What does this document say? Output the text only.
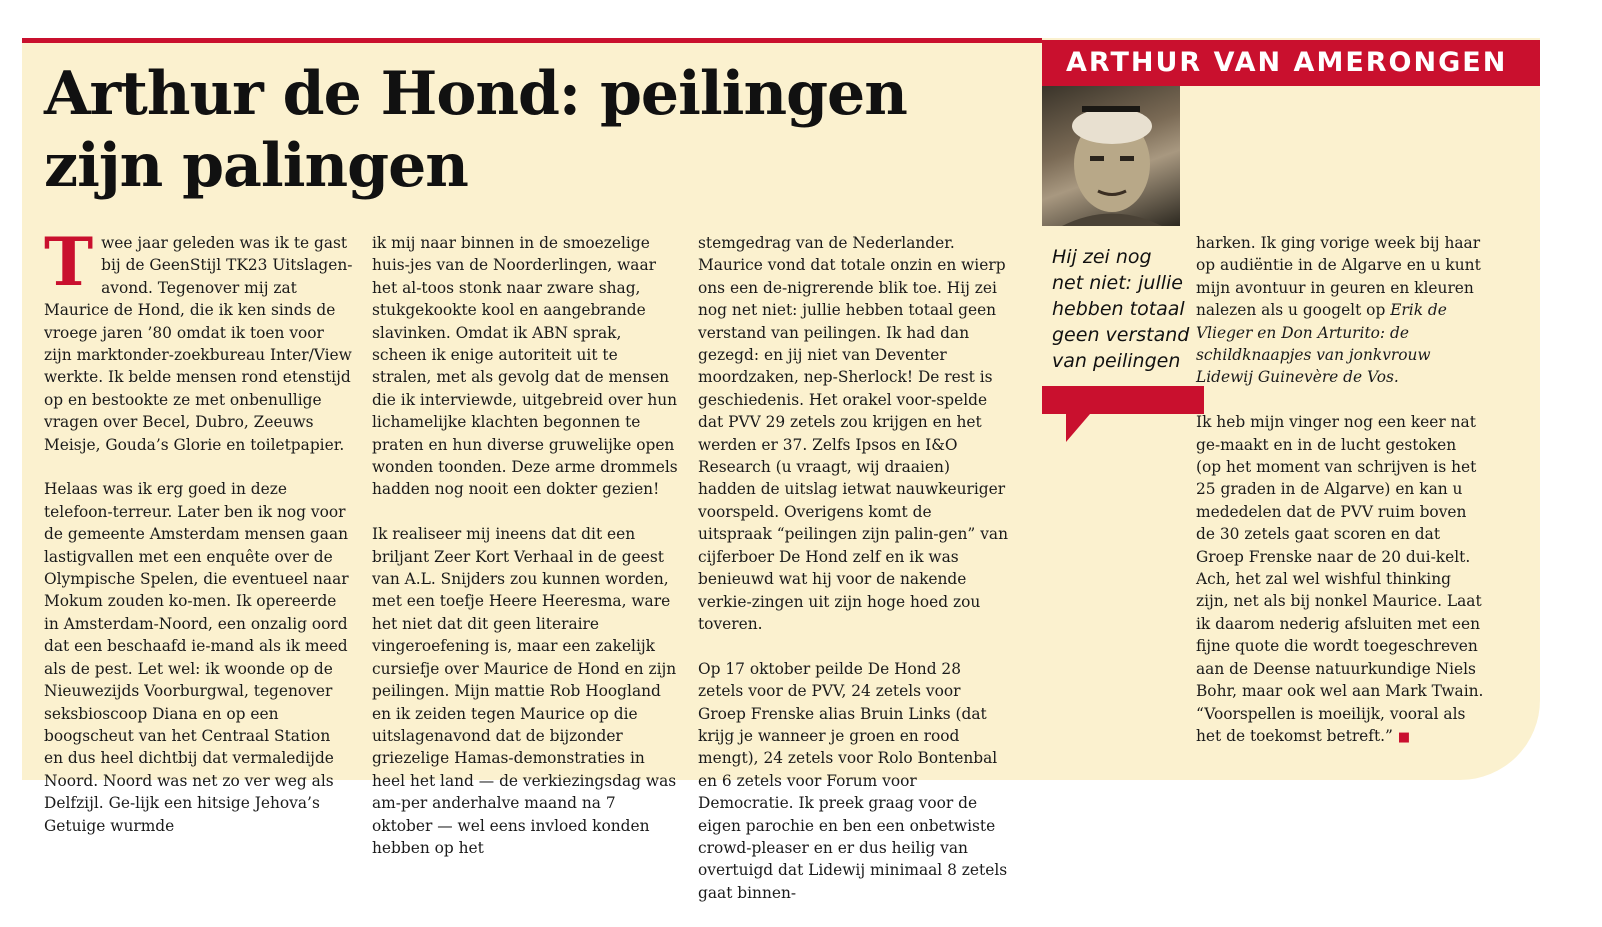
ARTHUR VAN AMERONGEN
Arthur de Hond: peilingen
zijn palingen

Twee jaar geleden was ik te gast bij de GeenStijl TK23 Uitslagen-avond. Tegenover mij zat Maurice de Hond, die ik ken sinds de vroege jaren ’80 omdat ik toen voor zijn marktonder-zoekbureau Inter/View werkte. Ik belde mensen rond etenstijd op en bestookte ze met onbenullige vragen over Becel, Dubro, Zeeuws Meisje, Gouda’s Glorie en toiletpapier.

Helaas was ik erg goed in deze telefoon-terreur. Later ben ik nog voor de gemeente Amsterdam mensen gaan lastigvallen met een enquête over de Olympische Spelen, die eventueel naar Mokum zouden ko-men. Ik opereerde in Amsterdam-Noord, een onzalig oord dat een beschaafd ie-mand als ik meed als de pest. Let wel: ik woonde op de Nieuwezijds Voorburgwal, tegenover seksbioscoop Diana en op een boogscheut van het Centraal Station en dus heel dichtbij dat vermaledijde Noord. Noord was net zo ver weg als Delfzijl. Ge-lijk een hitsige Jehova’s Getuige wurmde

ik mij naar binnen in de smoezelige huis-jes van de Noorderlingen, waar het al-toos stonk naar zware shag, stukgekookte kool en aangebrande slavinken. Omdat ik ABN sprak, scheen ik enige autoriteit uit te stralen, met als gevolg dat de mensen die ik interviewde, uitgebreid over hun lichamelijke klachten begonnen te praten en hun diverse gruwelijke open wonden toonden. Deze arme drommels hadden nog nooit een dokter gezien!

Ik realiseer mij ineens dat dit een briljant Zeer Kort Verhaal in de geest van A.L. Snijders zou kunnen worden, met een toefje Heere Heeresma, ware het niet dat dit geen literaire vingeroefening is, maar een zakelijk cursiefje over Maurice de Hond en zijn peilingen. Mijn mattie Rob Hoogland en ik zeiden tegen Maurice op die uitslagenavond dat de bijzonder griezelige Hamas-demonstraties in heel het land — de verkiezingsdag was am-per anderhalve maand na 7 oktober — wel eens invloed konden hebben op het

stemgedrag van de Nederlander. Maurice vond dat totale onzin en wierp ons een de-nigrerende blik toe. Hij zei nog net niet: jullie hebben totaal geen verstand van peilingen. Ik had dan gezegd: en jij niet van Deventer moordzaken, nep-Sherlock! De rest is geschiedenis. Het orakel voor-spelde dat PVV 29 zetels zou krijgen en het werden er 37. Zelfs Ipsos en I&O Research (u vraagt, wij draaien) hadden de uitslag ietwat nauwkeuriger voorspeld. Overigens komt de uitspraak “peilingen zijn palin-gen” van cijferboer De Hond zelf en ik was benieuwd wat hij voor de nakende verkie-zingen uit zijn hoge hoed zou toveren.

Op 17 oktober peilde De Hond 28 zetels voor de PVV, 24 zetels voor Groep Frenske alias Bruin Links (dat krijg je wanneer je groen en rood mengt), 24 zetels voor Rolo Bontenbal en 6 zetels voor Forum voor Democratie. Ik preek graag voor de eigen parochie en ben een onbetwiste crowd-pleaser en er dus heilig van overtuigd dat Lidewij minimaal 8 zetels gaat binnen-

Hij zei nog
net niet: jullie
hebben totaal
geen verstand
van peilingen

harken. Ik ging vorige week bij haar op audiëntie in de Algarve en u kunt mijn avontuur in geuren en kleuren nalezen als u googelt op Erik de Vlieger en Don Arturito: de schildknaapjes van jonkvrouw Lidewij Guinevère de Vos.

Ik heb mijn vinger nog een keer nat ge-maakt en in de lucht gestoken (op het moment van schrijven is het 25 graden in de Algarve) en kan u mededelen dat de PVV ruim boven de 30 zetels gaat scoren en dat Groep Frenske naar de 20 dui-kelt. Ach, het zal wel wishful thinking zijn, net als bij nonkel Maurice. Laat ik daarom nederig afsluiten met een fijne quote die wordt toegeschreven aan de Deense natuurkundige Niels Bohr, maar ook wel aan Mark Twain. “Voorspellen is moeilijk, vooral als het de toekomst betreft.” ■
